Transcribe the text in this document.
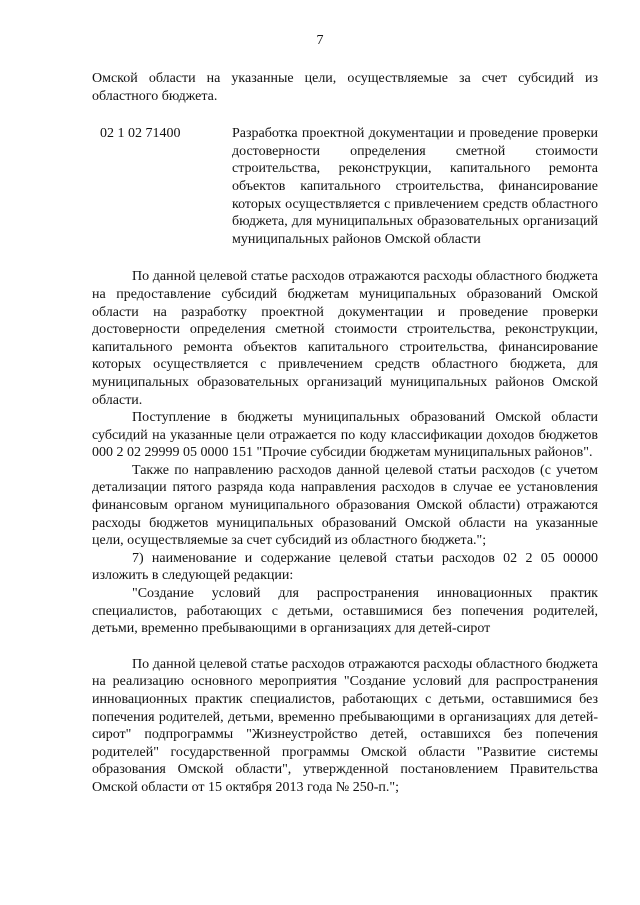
7

Омской области на указанные цели, осуществляемые за счет субсидий из областного бюджета.

02 1 02 71400	Разработка проектной документации и проведение проверки достоверности определения сметной стоимости строительства, реконструкции, капитального ремонта объектов капитального строительства, финансирование которых осуществляется с привлечением средств областного бюджета, для муниципальных образовательных организаций муниципальных районов Омской области

По данной целевой статье расходов отражаются расходы областного бюджета на предоставление субсидий бюджетам муниципальных образований Омской области на разработку проектной документации и проведение проверки достоверности определения сметной стоимости строительства, реконструкции, капитального ремонта объектов капитального строительства, финансирование которых осуществляется с привлечением средств областного бюджета, для муниципальных образовательных организаций муниципальных районов Омской области.

Поступление в бюджеты муниципальных образований Омской области субсидий на указанные цели отражается по коду классификации доходов бюджетов 000 2 02 29999 05 0000 151 "Прочие субсидии бюджетам муниципальных районов".

Также по направлению расходов данной целевой статьи расходов (с учетом детализации пятого разряда кода направления расходов в случае ее установления финансовым органом муниципального образования Омской области) отражаются расходы бюджетов муниципальных образований Омской области на указанные цели, осуществляемые за счет субсидий из областного бюджета.";

7) наименование и содержание целевой статьи расходов 02 2 05 00000 изложить в следующей редакции:

"Создание условий для распространения инновационных практик специалистов, работающих с детьми, оставшимися без попечения родителей, детьми, временно пребывающими в организациях для детей-сирот

По данной целевой статье расходов отражаются расходы областного бюджета на реализацию основного мероприятия "Создание условий для распространения инновационных практик специалистов, работающих с детьми, оставшимися без попечения родителей, детьми, временно пребывающими в организациях для детей-сирот" подпрограммы "Жизнеустройство детей, оставшихся без попечения родителей" государственной программы Омской области "Развитие системы образования Омской области", утвержденной постановлением Правительства Омской области от 15 октября 2013 года № 250-п.";
